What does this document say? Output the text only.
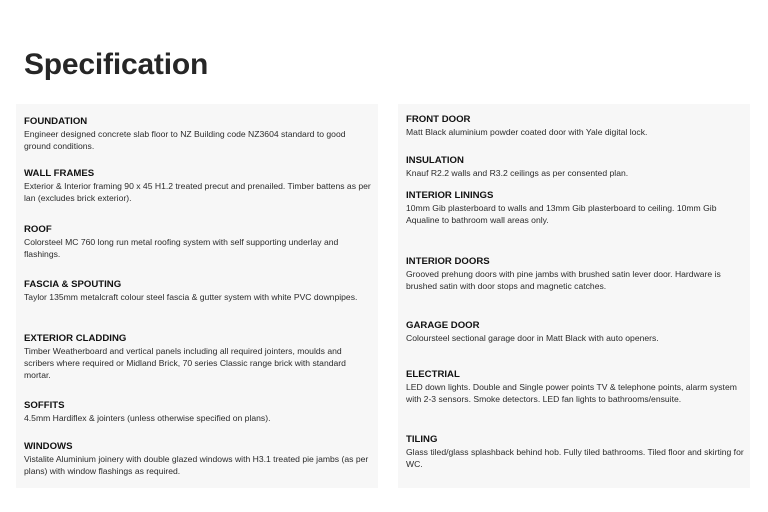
Specification
FOUNDATION

Engineer designed concrete slab floor to NZ Building code NZ3604 standard to good ground conditions.

WALL FRAMES

Exterior & Interior framing 90 x 45 H1.2 treated precut and prenailed. Timber battens as per lan (excludes brick exterior).

ROOF

Colorsteel MC 760 long run metal roofing system with self supporting underlay and flashings.

FASCIA & SPOUTING

Taylor 135mm metalcraft colour steel fascia & gutter system with white PVC downpipes.

EXTERIOR CLADDING

Timber Weatherboard and vertical panels including all required jointers, moulds and scribers where required or Midland Brick, 70 series Classic range brick with standard mortar.

SOFFITS

4.5mm Hardiflex & jointers (unless otherwise specified on plans).

WINDOWS

Vistalite Aluminium joinery with double glazed windows with H3.1 treated pie jambs (as per plans) with window flashings as required.

FRONT DOOR

Matt Black aluminium powder coated door with Yale digital lock.

INSULATION

Knauf R2.2 walls and R3.2 ceilings as per consented plan.

INTERIOR LININGS

10mm Gib plasterboard to walls and 13mm Gib plasterboard to ceiling. 10mm Gib Aqualine to bathroom wall areas only.

INTERIOR DOORS

Grooved prehung doors with pine jambs with brushed satin lever door. Hardware is brushed satin with door stops and magnetic catches.

GARAGE DOOR

Coloursteel sectional garage door in Matt Black with auto openers.

ELECTRIAL

LED down lights. Double and Single power points TV & telephone points, alarm system with 2-3 sensors. Smoke detectors. LED fan lights to bathrooms/ensuite.

TILING

Glass tiled/glass splashback behind hob. Fully tiled bathrooms. Tiled floor and skirting for WC.
